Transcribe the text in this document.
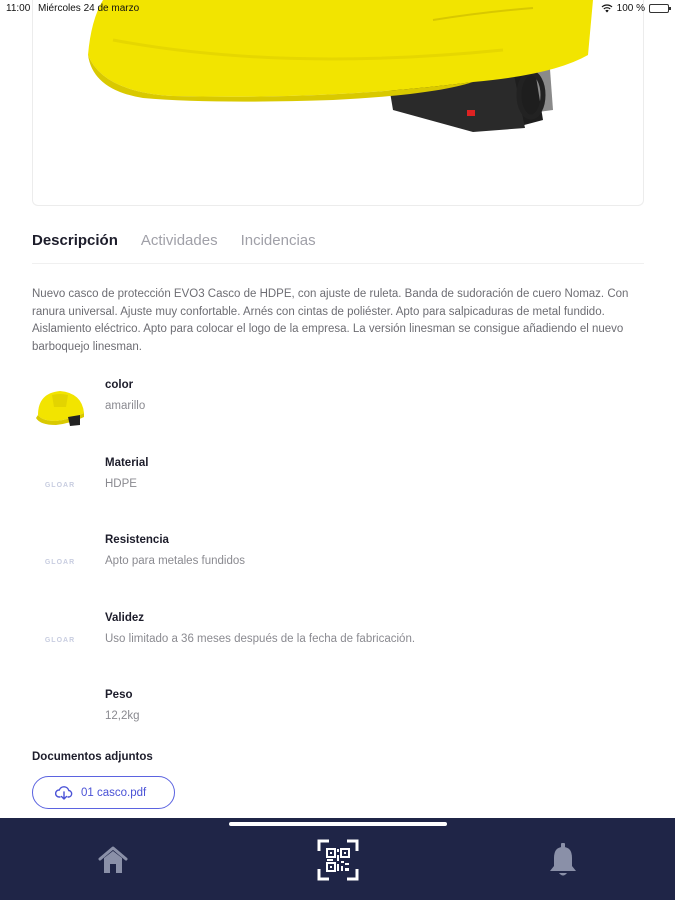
11:00 Miércoles 24 de marzo	100 %
Descripción Actividades Incidencias

Nuevo casco de protección EVO3 Casco de HDPE, con ajuste de ruleta. Banda de sudoración de cuero Nomaz. Con ranura universal. Ajuste muy confortable. Arnés con cintas de poliéster. Apto para salpicaduras de metal fundido. Aislamiento eléctrico. Apto para colocar el logo de la empresa. La versión linesman se consigue añadiendo el nuevo barboquejo linesman.

color
amarillo
GLOAR
Material
HDPE
GLOAR
Resistencia
Apto para metales fundidos
GLOAR
Validez
Uso limitado a 36 meses después de la fecha de fabricación.
Peso
12,2kg
Documentos adjuntos
01 casco.pdf
